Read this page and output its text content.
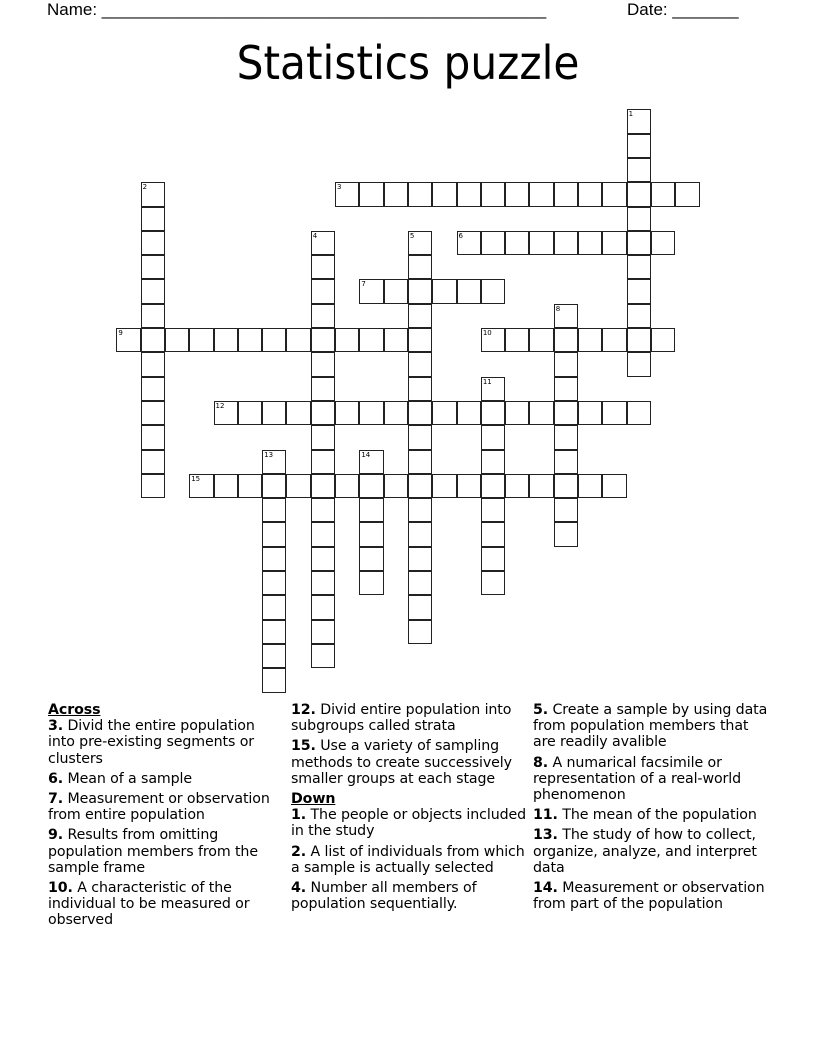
Name: _______________________________________________	Date: _______
Statistics puzzle
1
2	3
4	5	6
7
8
9	10
11
12
13	14
15
Across
3. Divid the entire population into pre-existing segments or clusters
6. Mean of a sample
7. Measurement or observation from entire population
9. Results from omitting population members from the sample frame
10. A characteristic of the individual to be measured or observed
12. Divid entire population into subgroups called strata
15. Use a variety of sampling methods to create successively smaller groups at each stage
Down
1. The people or objects included in the study
2. A list of individuals from which a sample is actually selected
4. Number all members of population sequentially.
5. Create a sample by using data from population members that are readily avalible
8. A numarical facsimile or representation of a real-world phenomenon
11. The mean of the population
13. The study of how to collect, organize, analyze, and interpret data
14. Measurement or observation from part of the population
